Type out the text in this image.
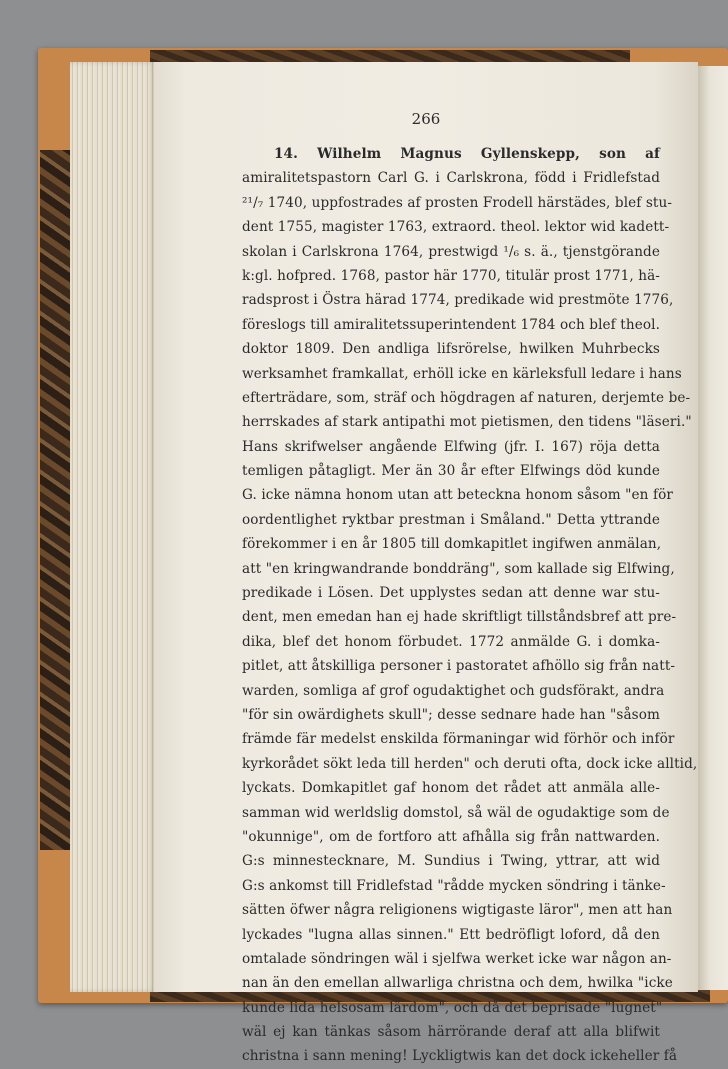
266
14. Wilhelm Magnus Gyllenskepp, son af
amiralitetspastorn Carl G. i Carlskrona, född i Fridlefstad
²¹/₇ 1740, uppfostrades af prosten Frodell härstädes, blef stu-
dent 1755, magister 1763, extraord. theol. lektor wid kadett-
skolan i Carlskrona 1764, prestwigd ¹/₆ s. ä., tjenstgörande
k:gl. hofpred. 1768, pastor här 1770, titulär prost 1771, hä-
radsprost i Östra härad 1774, predikade wid prestmöte 1776,
föreslogs till amiralitetssuperintendent 1784 och blef theol.
doktor 1809. Den andliga lifsrörelse, hwilken Muhrbecks
werksamhet framkallat, erhöll icke en kärleksfull ledare i hans
efterträdare, som, sträf och högdragen af naturen, derjemte be-
herrskades af stark antipathi mot pietismen, den tidens "läseri."
Hans skrifwelser angående Elfwing (jfr. I. 167) röja detta
temligen påtagligt. Mer än 30 år efter Elfwings död kunde
G. icke nämna honom utan att beteckna honom såsom "en för
oordentlighet ryktbar prestman i Småland." Detta yttrande
förekommer i en år 1805 till domkapitlet ingifwen anmälan,
att "en kringwandrande bonddräng", som kallade sig Elfwing,
predikade i Lösen. Det upplystes sedan att denne war stu-
dent, men emedan han ej hade skriftligt tillståndsbref att pre-
dika, blef det honom förbudet. 1772 anmälde G. i domka-
pitlet, att åtskilliga personer i pastoratet afhöllo sig från natt-
warden, somliga af grof ogudaktighet och gudsförakt, andra
"för sin owärdighets skull"; desse sednare hade han "såsom
främde fär medelst enskilda förmaningar wid förhör och inför
kyrkorådet sökt leda till herden" och deruti ofta, dock icke alltid,
lyckats. Domkapitlet gaf honom det rådet att anmäla alle-
samman wid werldslig domstol, så wäl de ogudaktige som de
"okunnige", om de fortforo att afhålla sig från nattwarden.
G:s minnestecknare, M. Sundius i Twing, yttrar, att wid
G:s ankomst till Fridlefstad "rådde mycken söndring i tänke-
sätten öfwer några religionens wigtigaste läror", men att han
lyckades "lugna allas sinnen." Ett bedröfligt loford, då den
omtalade söndringen wäl i sjelfwa werket icke war någon an-
nan än den emellan allwarliga christna och dem, hwilka "icke
kunde lida helsosam lärdom", och då det beprisade "lugnet"
wäl ej kan tänkas såsom härrörande deraf att alla blifwit
christna i sann mening! Lyckligtwis kan det dock ickeheller få
